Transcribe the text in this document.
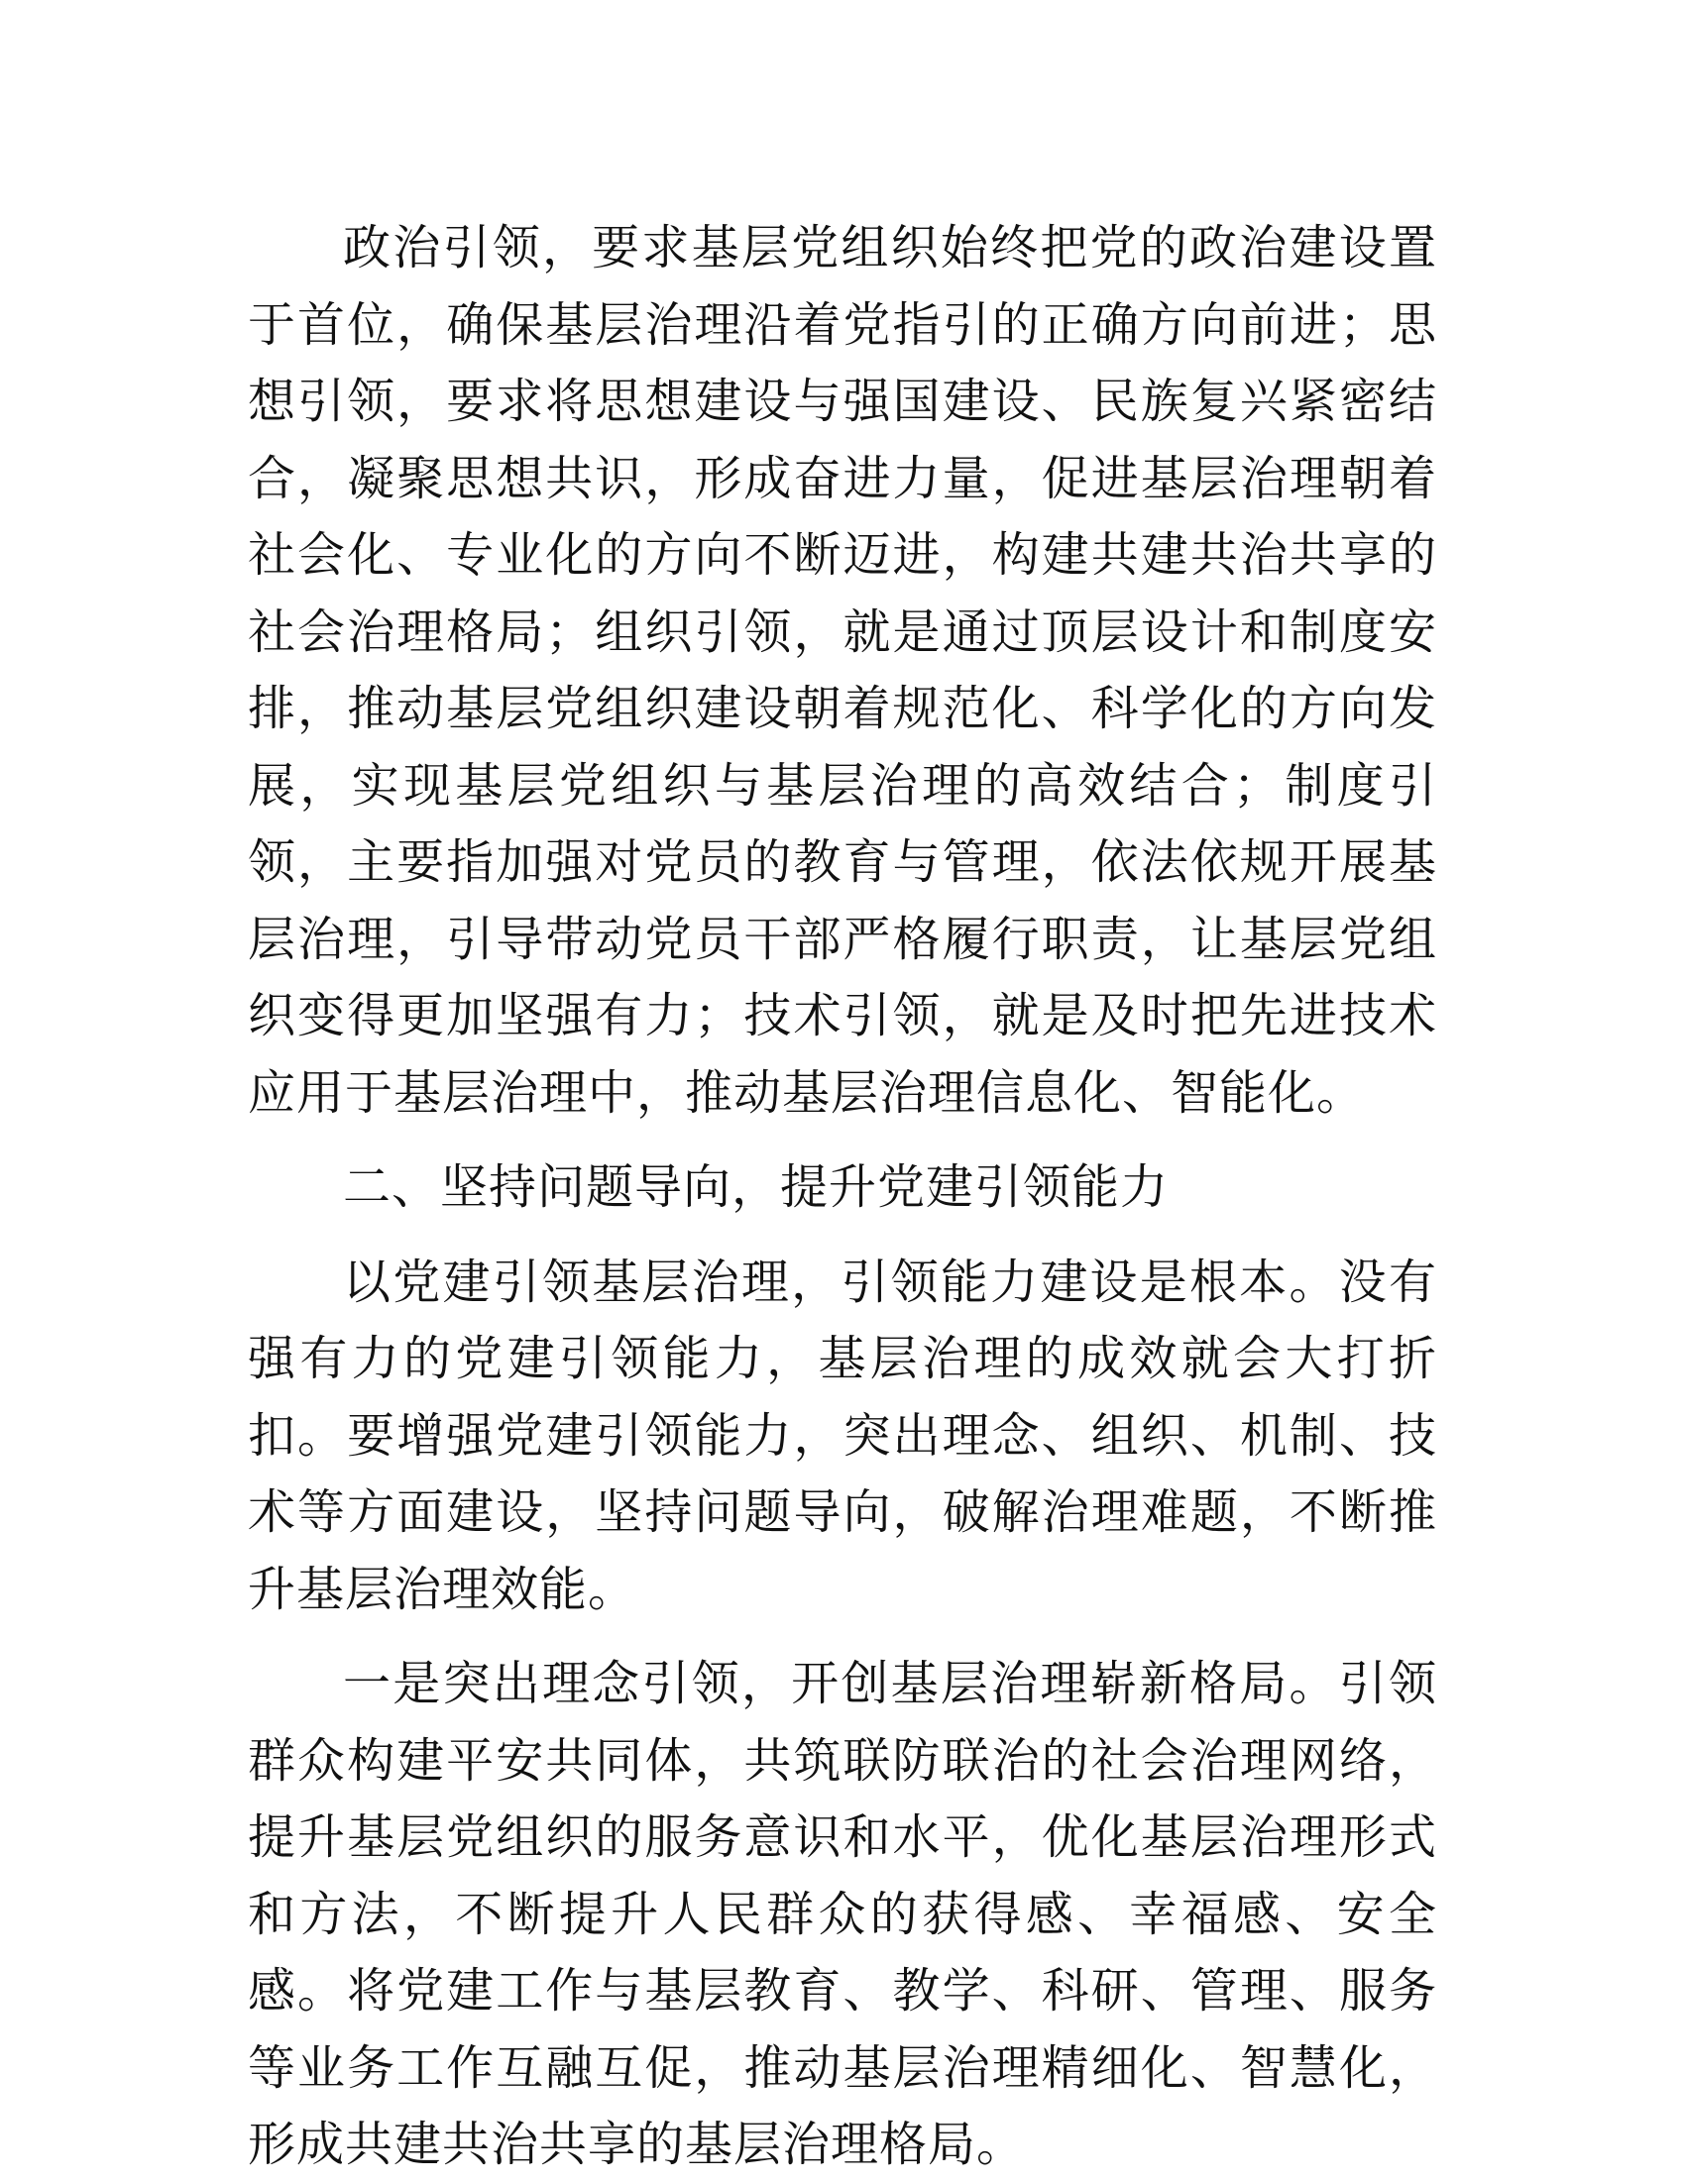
政治引领，要求基层党组织始终把党的政治建设置于首位，确保基层治理沿着党指引的正确方向前进；思想引领，要求将思想建设与强国建设、民族复兴紧密结合，凝聚思想共识，形成奋进力量，促进基层治理朝着社会化、专业化的方向不断迈进，构建共建共治共享的社会治理格局；组织引领，就是通过顶层设计和制度安排，推动基层党组织建设朝着规范化、科学化的方向发展，实现基层党组织与基层治理的高效结合；制度引领，主要指加强对党员的教育与管理，依法依规开展基层治理，引导带动党员干部严格履行职责，让基层党组织变得更加坚强有力；技术引领，就是及时把先进技术应用于基层治理中，推动基层治理信息化、智能化。

二、坚持问题导向，提升党建引领能力

以党建引领基层治理，引领能力建设是根本。没有强有力的党建引领能力，基层治理的成效就会大打折扣。要增强党建引领能力，突出理念、组织、机制、技术等方面建设，坚持问题导向，破解治理难题，不断推升基层治理效能。

一是突出理念引领，开创基层治理崭新格局。引领群众构建平安共同体，共筑联防联治的社会治理网络，提升基层党组织的服务意识和水平，优化基层治理形式和方法，不断提升人民群众的获得感、幸福感、安全感。将党建工作与基层教育、教学、科研、管理、服务等业务工作互融互促，推动基层治理精细化、智慧化，形成共建共治共享的基层治理格局。
